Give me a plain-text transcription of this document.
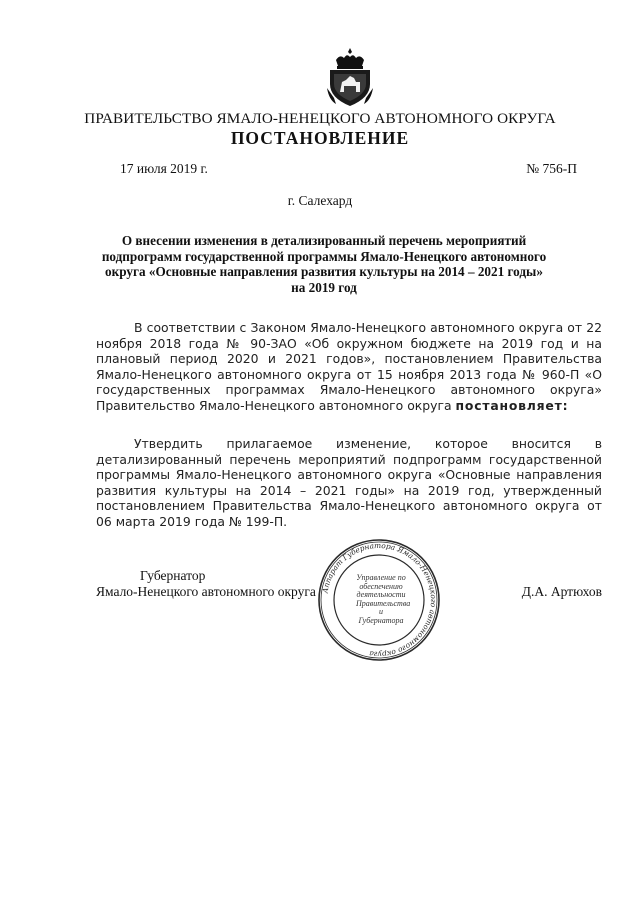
ПРАВИТЕЛЬСТВО ЯМАЛО-НЕНЕЦКОГО АВТОНОМНОГО ОКРУГА
ПОСТАНОВЛЕНИЕ
17 июля 2019 г.	№ 756-П
г. Салехард
О внесении изменения в детализированный перечень мероприятий подпрограмм государственной программы Ямало-Ненецкого автономного округа «Основные направления развития культуры на 2014 – 2021 годы» на 2019 год
В соответствии с Законом Ямало-Ненецкого автономного округа от 22 ноября 2018 года № 90-ЗАО «Об окружном бюджете на 2019 год и на плановый период 2020 и 2021 годов», постановлением Правительства Ямало-Ненецкого автономного округа от 15 ноября 2013 года № 960-П «О государственных программах Ямало-Ненецкого автономного округа» Правительство Ямало-Ненецкого автономного округа постановляет:
Утвердить прилагаемое изменение, которое вносится в детализированный перечень мероприятий подпрограмм государственной программы Ямало-Ненецкого автономного округа «Основные направления развития культуры на 2014 – 2021 годы» на 2019 год, утвержденный постановлением Правительства Ямало-Ненецкого автономного округа от 06 марта 2019 года № 199-П.
Губернатор
Ямало-Ненецкого автономного округа	Д.А. Артюхов
Аппарат Губернатора Ямало-Ненецкого автономного округа
Управление по обеспечению деятельности Правительства и Губернатора
